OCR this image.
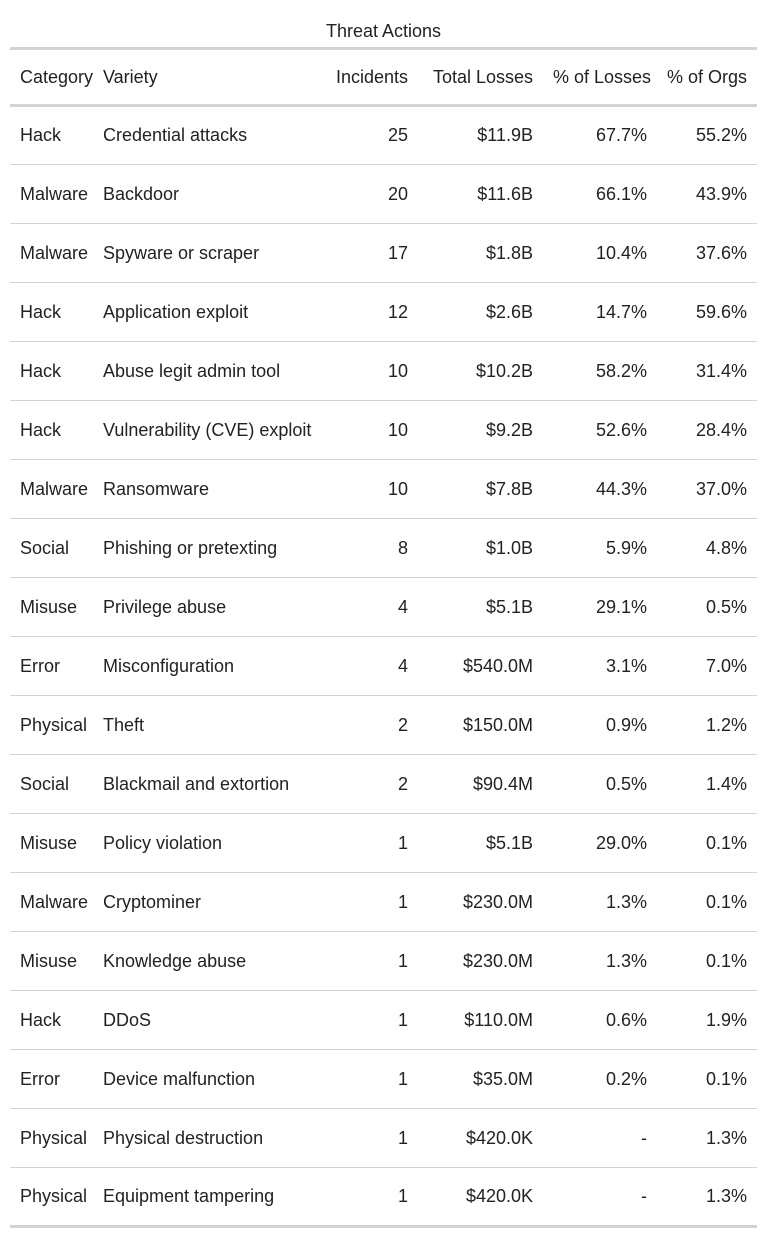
Threat Actions
Category	Variety	Incidents	Total Losses	% of Losses	% of Orgs
Hack	Credential attacks	25	$11.9B	67.7%	55.2%
Malware	Backdoor	20	$11.6B	66.1%	43.9%
Malware	Spyware or scraper	17	$1.8B	10.4%	37.6%
Hack	Application exploit	12	$2.6B	14.7%	59.6%
Hack	Abuse legit admin tool	10	$10.2B	58.2%	31.4%
Hack	Vulnerability (CVE) exploit	10	$9.2B	52.6%	28.4%
Malware	Ransomware	10	$7.8B	44.3%	37.0%
Social	Phishing or pretexting	8	$1.0B	5.9%	4.8%
Misuse	Privilege abuse	4	$5.1B	29.1%	0.5%
Error	Misconfiguration	4	$540.0M	3.1%	7.0%
Physical	Theft	2	$150.0M	0.9%	1.2%
Social	Blackmail and extortion	2	$90.4M	0.5%	1.4%
Misuse	Policy violation	1	$5.1B	29.0%	0.1%
Malware	Cryptominer	1	$230.0M	1.3%	0.1%
Misuse	Knowledge abuse	1	$230.0M	1.3%	0.1%
Hack	DDoS	1	$110.0M	0.6%	1.9%
Error	Device malfunction	1	$35.0M	0.2%	0.1%
Physical	Physical destruction	1	$420.0K	-	1.3%
Physical	Equipment tampering	1	$420.0K	-	1.3%
